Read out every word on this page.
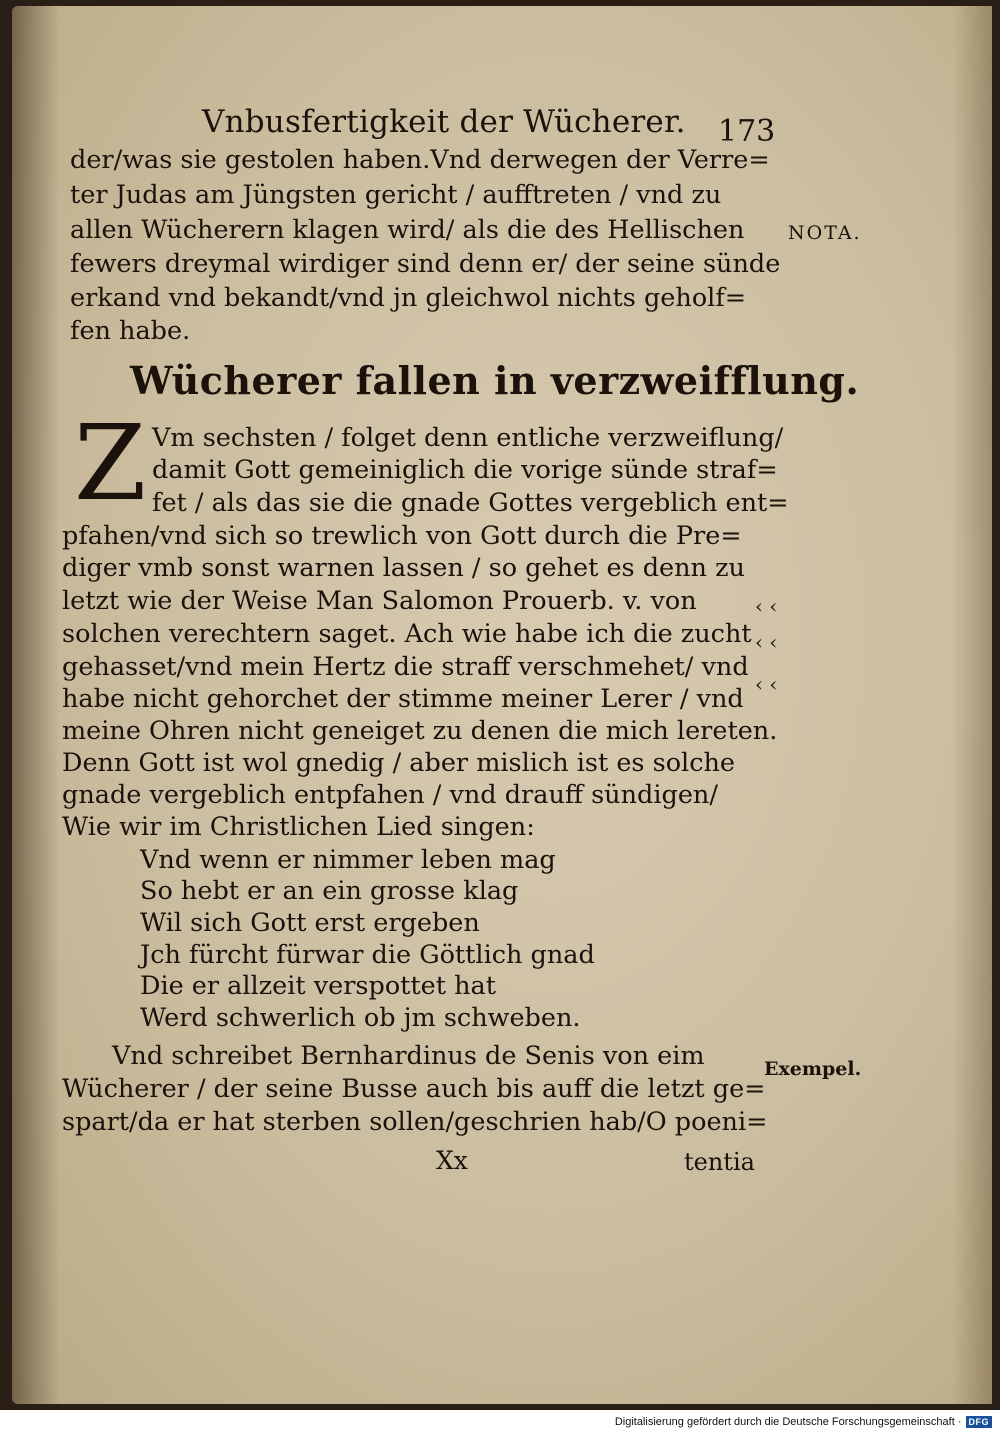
Vnbusfertigkeit der Wücherer. 173
der/was sie gestolen haben.Vnd derwegen der Verre=
ter Judas am Jüngsten gericht / aufftreten / vnd zu
allen Wücherern klagen wird/ als die des Hellischen
fewers dreymal wirdiger sind denn er/ der seine sünde
erkand vnd bekandt/vnd jn gleichwol nichts geholf=
fen habe.
Wücherer fallen in verzweifflung.
Z Vm sechsten / folget denn entliche verzweiflung/
damit Gott gemeiniglich die vorige sünde straf=
fet / als das sie die gnade Gottes vergeblich ent=
pfahen/vnd sich so trewlich von Gott durch die Pre=
diger vmb sonst warnen lassen / so gehet es denn zu
letzt wie der Weise Man Salomon Prouerb. v. von
solchen verechtern saget. Ach wie habe ich die zucht
gehasset/vnd mein Hertz die straff verschmehet/ vnd
habe nicht gehorchet der stimme meiner Lerer / vnd
meine Ohren nicht geneiget zu denen die mich lereten.
Denn Gott ist wol gnedig / aber mislich ist es solche
gnade vergeblich entpfahen / vnd drauff sündigen/
Wie wir im Christlichen Lied singen:
‹ ‹
‹ ‹
‹ ‹
Vnd wenn er nimmer leben mag
So hebt er an ein grosse klag
Wil sich Gott erst ergeben
Jch fürcht fürwar die Göttlich gnad
Die er allzeit verspottet hat
Werd schwerlich ob jm schweben.
Vnd schreibet Bernhardinus de Senis von eim
Wücherer / der seine Busse auch bis auff die letzt ge=
spart/da er hat sterben sollen/geschrien hab/O poeni=
NOTA.
Exempel.
Xx	tentia
Digitalisierung gefördert durch die Deutsche Forschungsgemeinschaft · DFG
